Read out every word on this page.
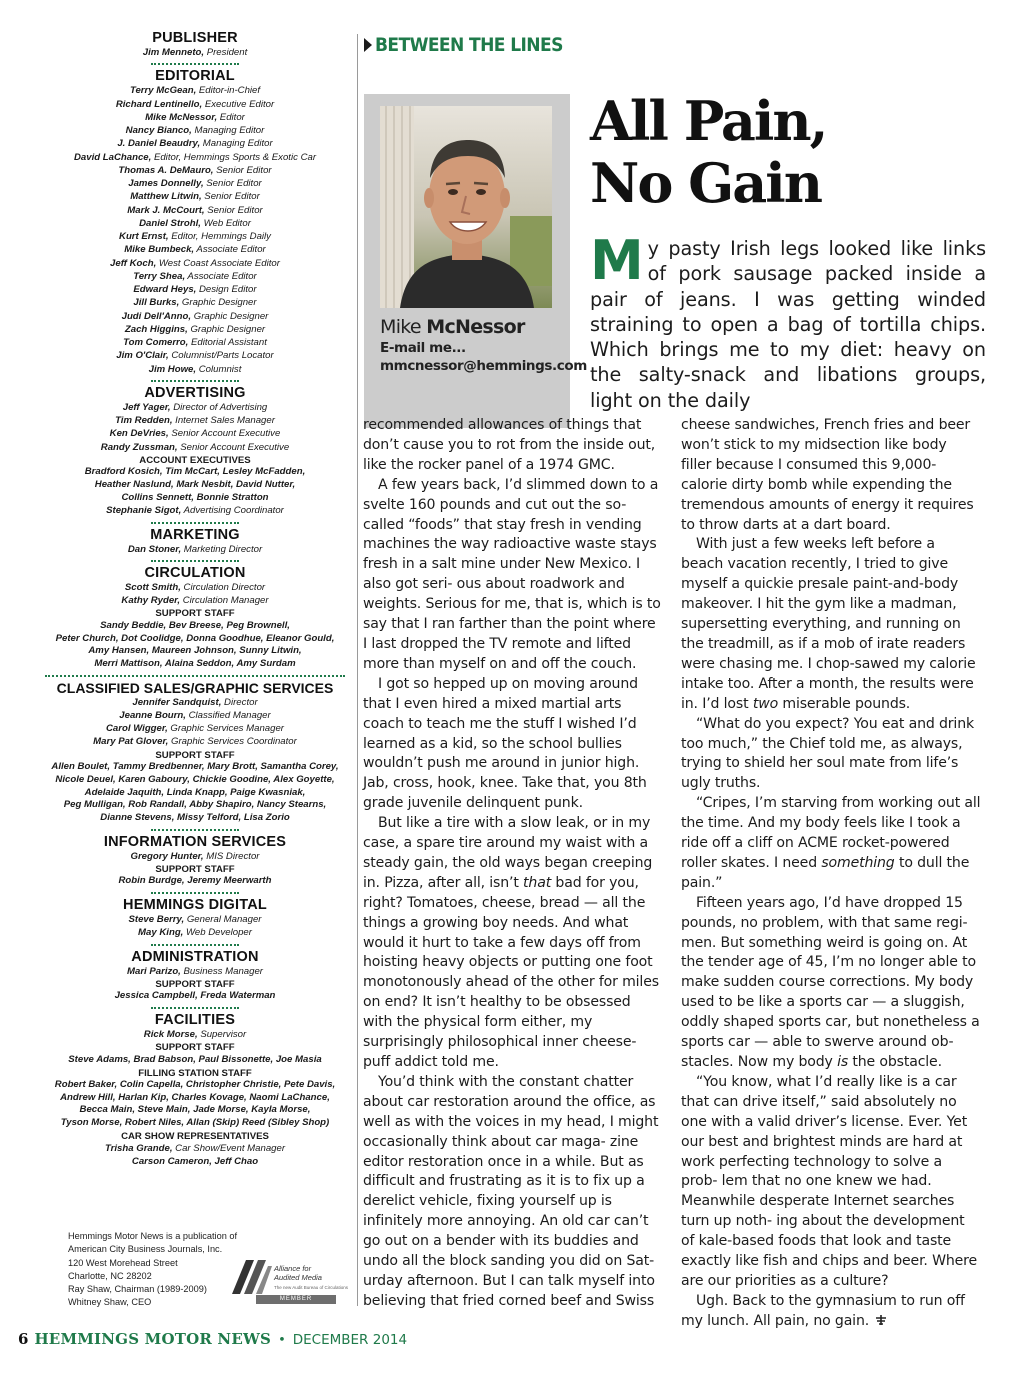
PUBLISHER
Jim Menneto, President
EDITORIAL
Terry McGean, Editor-in-Chief
Richard Lentinello, Executive Editor
Mike McNessor, Editor
Nancy Bianco, Managing Editor
J. Daniel Beaudry, Managing Editor
David LaChance, Editor, Hemmings Sports & Exotic Car
Thomas A. DeMauro, Senior Editor
James Donnelly, Senior Editor
Matthew Litwin, Senior Editor
Mark J. McCourt, Senior Editor
Daniel Strohl, Web Editor
Kurt Ernst, Editor, Hemmings Daily
Mike Bumbeck, Associate Editor
Jeff Koch, West Coast Associate Editor
Terry Shea, Associate Editor
Edward Heys, Design Editor
Jill Burks, Graphic Designer
Judi Dell'Anno, Graphic Designer
Zach Higgins, Graphic Designer
Tom Comerro, Editorial Assistant
Jim O'Clair, Columnist/Parts Locator
Jim Howe, Columnist
ADVERTISING
Jeff Yager, Director of Advertising
Tim Redden, Internet Sales Manager
Ken DeVries, Senior Account Executive
Randy Zussman, Senior Account Executive
ACCOUNT EXECUTIVES
Bradford Kosich, Tim McCart, Lesley McFadden,
Heather Naslund, Mark Nesbit, David Nutter,
Collins Sennett, Bonnie Stratton
Stephanie Sigot, Advertising Coordinator
MARKETING
Dan Stoner, Marketing Director
CIRCULATION
Scott Smith, Circulation Director
Kathy Ryder, Circulation Manager
SUPPORT STAFF
Sandy Beddie, Bev Breese, Peg Brownell,
Peter Church, Dot Coolidge, Donna Goodhue, Eleanor Gould,
Amy Hansen, Maureen Johnson, Sunny Litwin,
Merri Mattison, Alaina Seddon, Amy Surdam
CLASSIFIED SALES/GRAPHIC SERVICES
Jennifer Sandquist, Director
Jeanne Bourn, Classified Manager
Carol Wigger, Graphic Services Manager
Mary Pat Glover, Graphic Services Coordinator
SUPPORT STAFF
Allen Boulet, Tammy Bredbenner, Mary Brott, Samantha Corey,
Nicole Deuel, Karen Gaboury, Chickie Goodine, Alex Goyette,
Adelaide Jaquith, Linda Knapp, Paige Kwasniak,
Peg Mulligan, Rob Randall, Abby Shapiro, Nancy Stearns,
Dianne Stevens, Missy Telford, Lisa Zorio
INFORMATION SERVICES
Gregory Hunter, MIS Director
SUPPORT STAFF
Robin Burdge, Jeremy Meerwarth
HEMMINGS DIGITAL
Steve Berry, General Manager
May King, Web Developer
ADMINISTRATION
Mari Parizo, Business Manager
SUPPORT STAFF
Jessica Campbell, Freda Waterman
FACILITIES
Rick Morse, Supervisor
SUPPORT STAFF
Steve Adams, Brad Babson, Paul Bissonette, Joe Masia
FILLING STATION STAFF
Robert Baker, Colin Capella, Christopher Christie, Pete Davis,
Andrew Hill, Harlan Kip, Charles Kovage, Naomi LaChance,
Becca Main, Steve Main, Jade Morse, Kayla Morse,
Tyson Morse, Robert Niles, Allan (Skip) Reed (Sibley Shop)
CAR SHOW REPRESENTATIVES
Trisha Grande, Car Show/Event Manager
Carson Cameron, Jeff Chao
Hemmings Motor News is a publication of
American City Business Journals, Inc.
120 West Morehead Street
Charlotte, NC 28202
Ray Shaw, Chairman (1989-2009)
Whitney Shaw, CEO
Alliance for
Audited Media
The new Audit Bureau of Circulations
MEMBER
BETWEEN THE LINES
Mike McNessor
E-mail me...
mmcnessor@hemmings.com
All Pain,
No Gain
My pasty Irish legs looked like links of pork sausage packed inside a pair of jeans. I was getting winded straining to open a bag of tortilla chips. Which brings me to my diet: heavy on the salty-snack and libations groups, light on the daily

recommended allowances of things that don’t cause you to rot from the inside out, like the rocker panel of a 1974 GMC.

A few years back, I’d slimmed down to a svelte 160 pounds and cut out the so-called “foods” that stay fresh in vending machines the way radioactive waste stays fresh in a salt mine under New Mexico. I also got seri- ous about roadwork and weights. Serious for me, that is, which is to say that I ran farther than the point where I last dropped the TV remote and lifted more than myself on and off the couch.

I got so hepped up on moving around that I even hired a mixed martial arts coach to teach me the stuff I wished I’d learned as a kid, so the school bullies wouldn’t push me around in junior high. Jab, cross, hook, knee. Take that, you 8th grade juvenile delinquent punk.

But like a tire with a slow leak, or in my case, a spare tire around my waist with a steady gain, the old ways began creeping in. Pizza, after all, isn’t that bad for you, right? Tomatoes, cheese, bread — all the things a growing boy needs. And what would it hurt to take a few days off from hoisting heavy objects or putting one foot monotonously ahead of the other for miles on end? It isn’t healthy to be obsessed with the physical form either, my surprisingly philosophical inner cheese-puff addict told me.

You’d think with the constant chatter about car restoration around the office, as well as with the voices in my head, I might occasionally think about car maga- zine editor restoration once in a while. But as difficult and frustrating as it is to fix up a derelict vehicle, fixing yourself up is infinitely more annoying. An old car can’t go out on a bender with its buddies and undo all the block sanding you did on Sat- urday afternoon. But I can talk myself into believing that fried corned beef and Swiss

cheese sandwiches, French fries and beer won’t stick to my midsection like body filler because I consumed this 9,000-calorie dirty bomb while expending the tremendous amounts of energy it requires to throw darts at a dart board.

With just a few weeks left before a beach vacation recently, I tried to give myself a quickie presale paint-and-body makeover. I hit the gym like a madman, supersetting everything, and running on the treadmill, as if a mob of irate readers were chasing me. I chop-sawed my calorie intake too. After a month, the results were in. I’d lost two miserable pounds.

“What do you expect? You eat and drink too much,” the Chief told me, as always, trying to shield her soul mate from life’s ugly truths.

“Cripes, I’m starving from working out all the time. And my body feels like I took a ride off a cliff on ACME rocket-powered roller skates. I need something to dull the pain.”

Fifteen years ago, I’d have dropped 15 pounds, no problem, with that same regi- men. But something weird is going on. At the tender age of 45, I’m no longer able to make sudden course corrections. My body used to be like a sports car — a sluggish, oddly shaped sports car, but nonetheless a sports car — able to swerve around ob- stacles. Now my body is the obstacle.

“You know, what I’d really like is a car that can drive itself,” said absolutely no one with a valid driver’s license. Ever. Yet our best and brightest minds are hard at work perfecting technology to solve a prob- lem that no one knew we had. Meanwhile desperate Internet searches turn up noth- ing about the development of kale-based foods that look and taste exactly like fish and chips and beer. Where are our priorities as a culture?

Ugh. Back to the gymnasium to run off my lunch. All pain, no gain.

6 HEMMINGS MOTOR NEWS • DECEMBER 2014
